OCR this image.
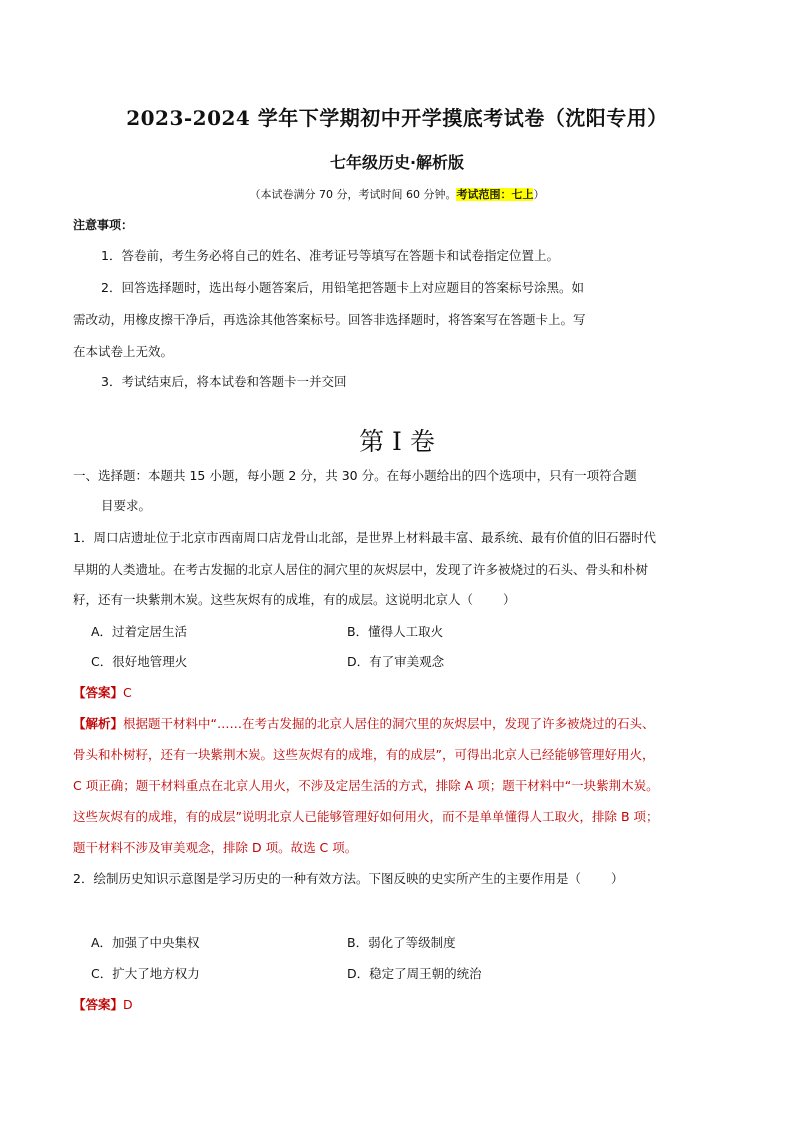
2023-2024 学年下学期初中开学摸底考试卷（沈阳专用）
七年级历史·解析版
（本试卷满分 70 分，考试时间 60 分钟。考试范围：七上）
注意事项：
1．答卷前，考生务必将自己的姓名、准考证号等填写在答题卡和试卷指定位置上。
2．回答选择题时，选出每小题答案后，用铅笔把答题卡上对应题目的答案标号涂黑。如
需改动，用橡皮擦干净后，再选涂其他答案标号。回答非选择题时，将答案写在答题卡上。写
在本试卷上无效。
3．考试结束后，将本试卷和答题卡一并交回
第 I 卷
一、选择题：本题共 15 小题，每小题 2 分，共 30 分。在每小题给出的四个选项中，只有一项符合题
目要求。
1．周口店遗址位于北京市西南周口店龙骨山北部，是世界上材料最丰富、最系统、最有价值的旧石器时代
早期的人类遗址。在考古发掘的北京人居住的洞穴里的灰烬层中，发现了许多被烧过的石头、骨头和朴树
籽，还有一块紫荆木炭。这些灰烬有的成堆，有的成层。这说明北京人（ ）
A．过着定居生活	B．懂得人工取火
C．很好地管理火	D．有了审美观念
【答案】C
【解析】根据题干材料中“……在考古发掘的北京人居住的洞穴里的灰烬层中，发现了许多被烧过的石头、
骨头和朴树籽，还有一块紫荆木炭。这些灰烬有的成堆，有的成层”，可得出北京人已经能够管理好用火，
C 项正确；题干材料重点在北京人用火，不涉及定居生活的方式，排除 A 项；题干材料中“一块紫荆木炭。
这些灰烬有的成堆，有的成层”说明北京人已能够管理好如何用火，而不是单单懂得人工取火，排除 B 项；
题干材料不涉及审美观念，排除 D 项。故选 C 项。
2．绘制历史知识示意图是学习历史的一种有效方法。下图反映的史实所产生的主要作用是（ ）
A．加强了中央集权	B．弱化了等级制度
C．扩大了地方权力	D．稳定了周王朝的统治
【答案】D
